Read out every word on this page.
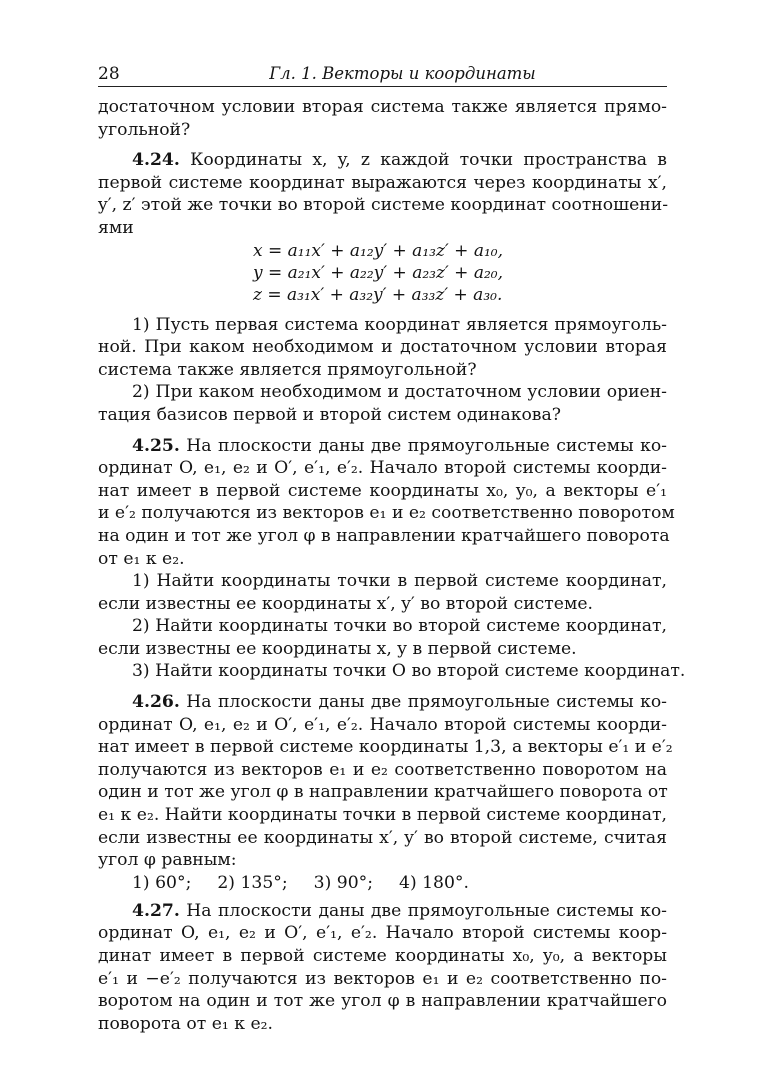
28	Гл. 1. Векторы и координаты
достаточном условии вторая система также является прямо-
угольной?
4.24. Координаты x, y, z каждой точки пространства в
первой системе координат выражаются через координаты x′,
y′, z′ этой же точки во второй системе координат соотношени-
ями
x = a₁₁x′ + a₁₂y′ + a₁₃z′ + a₁₀,
y = a₂₁x′ + a₂₂y′ + a₂₃z′ + a₂₀,
z = a₃₁x′ + a₃₂y′ + a₃₃z′ + a₃₀.
1) Пусть первая система координат является прямоуголь-
ной. При каком необходимом и достаточном условии вторая
система также является прямоугольной?
2) При каком необходимом и достаточном условии ориен-
тация базисов первой и второй систем одинакова?
4.25. На плоскости даны две прямоугольные системы ко-
ординат O, e₁, e₂ и O′, e′₁, e′₂. Начало второй системы коорди-
нат имеет в первой системе координаты x₀, y₀, а векторы e′₁
и e′₂ получаются из векторов e₁ и e₂ соответственно поворотом
на один и тот же угол φ в направлении кратчайшего поворота
от e₁ к e₂.
1) Найти координаты точки в первой системе координат,
если известны ее координаты x′, y′ во второй системе.
2) Найти координаты точки во второй системе координат,
если известны ее координаты x, y в первой системе.
3) Найти координаты точки O во второй системе координат.
4.26. На плоскости даны две прямоугольные системы ко-
ординат O, e₁, e₂ и O′, e′₁, e′₂. Начало второй системы коорди-
нат имеет в первой системе координаты 1,3, а векторы e′₁ и e′₂
получаются из векторов e₁ и e₂ соответственно поворотом на
один и тот же угол φ в направлении кратчайшего поворота от
e₁ к e₂. Найти координаты точки в первой системе координат,
если известны ее координаты x′, y′ во второй системе, считая
угол φ равным:
1) 60°; 2) 135°; 3) 90°; 4) 180°.
4.27. На плоскости даны две прямоугольные системы ко-
ординат O, e₁, e₂ и O′, e′₁, e′₂. Начало второй системы коор-
динат имеет в первой системе координаты x₀, y₀, а векторы
e′₁ и −e′₂ получаются из векторов e₁ и e₂ соответственно по-
воротом на один и тот же угол φ в направлении кратчайшего
поворота от e₁ к e₂.
